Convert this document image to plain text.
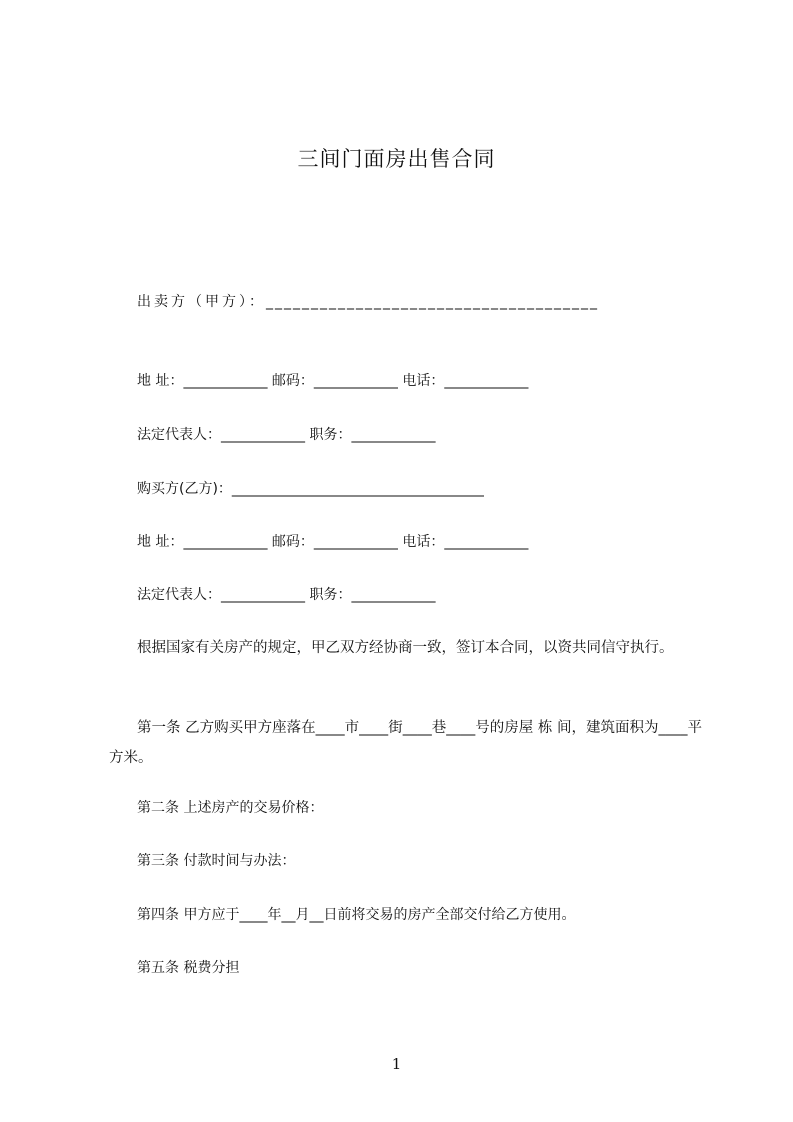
三间门面房出售合同
出卖方（甲方）：_____________________________________
地 址：____________ 邮码：____________ 电话：____________
法定代表人：____________ 职务：____________
购买方(乙方)：____________________________________
地 址：____________ 邮码：____________ 电话：____________
法定代表人：____________ 职务：____________
根据国家有关房产的规定，甲乙双方经协商一致，签订本合同，以资共同信守执行。
第一条 乙方购买甲方座落在____市____街____巷____号的房屋 栋 间，建筑面积为____平方米。
第二条 上述房产的交易价格：
第三条 付款时间与办法：
第四条 甲方应于____年__月__日前将交易的房产全部交付给乙方使用。
第五条 税费分担
1
